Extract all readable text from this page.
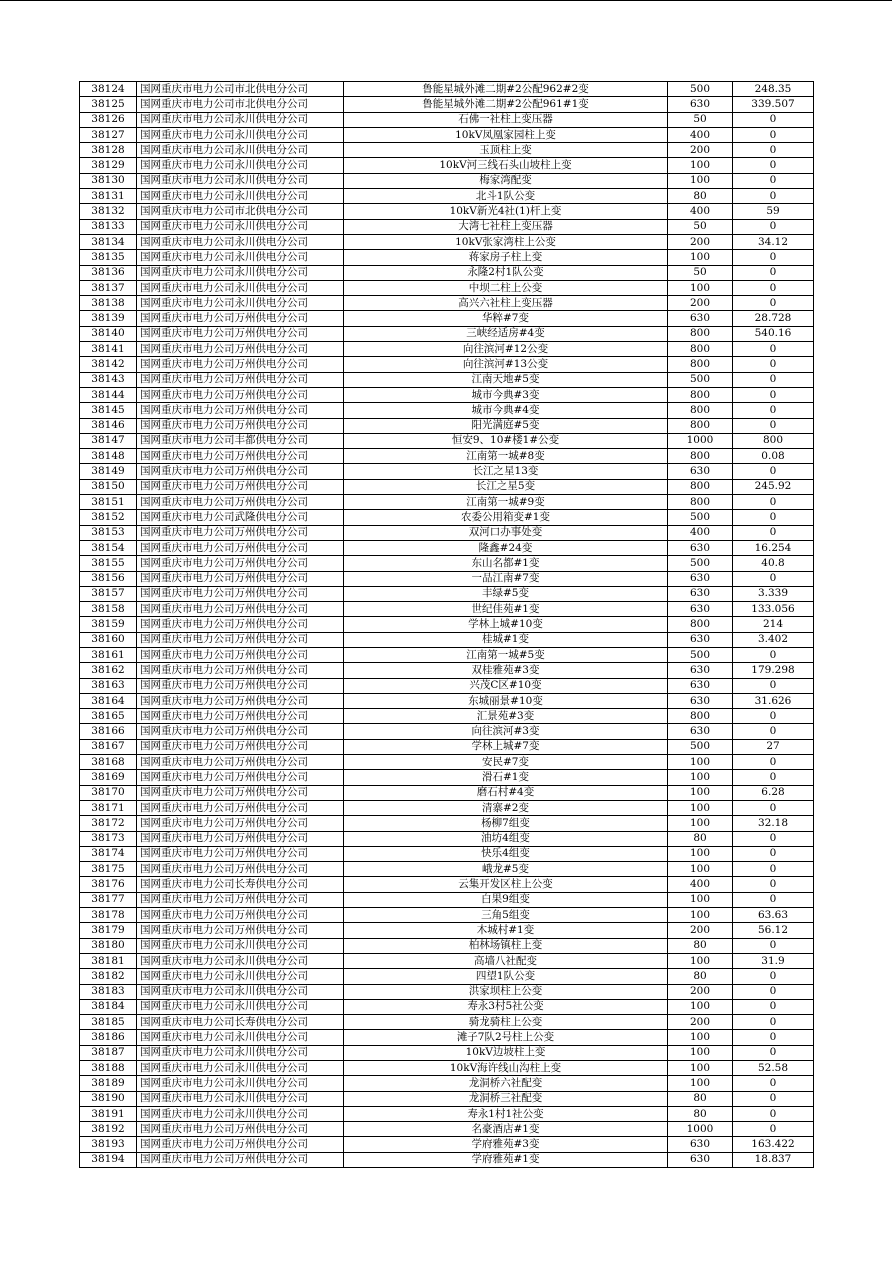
38124	国网重庆市电力公司市北供电分公司	鲁能星城外滩二期#2公配962#2变	500	248.35
38125	国网重庆市电力公司市北供电分公司	鲁能星城外滩二期#2公配961#1变	630	339.507
38126	国网重庆市电力公司永川供电分公司	石佛一社柱上变压器	50	0
38127	国网重庆市电力公司永川供电分公司	10kV凤凰家园柱上变	400	0
38128	国网重庆市电力公司永川供电分公司	玉顶柱上变	200	0
38129	国网重庆市电力公司永川供电分公司	10kV河三线石头山坡柱上变	100	0
38130	国网重庆市电力公司永川供电分公司	梅家湾配变	100	0
38131	国网重庆市电力公司永川供电分公司	北斗1队公变	80	0
38132	国网重庆市电力公司市北供电分公司	10kV新光4社(1)杆上变	400	59
38133	国网重庆市电力公司永川供电分公司	大湾七社柱上变压器	50	0
38134	国网重庆市电力公司永川供电分公司	10kV张家湾柱上公变	200	34.12
38135	国网重庆市电力公司永川供电分公司	蒋家房子柱上变	100	0
38136	国网重庆市电力公司永川供电分公司	永隆2村1队公变	50	0
38137	国网重庆市电力公司永川供电分公司	中坝二柱上公变	100	0
38138	国网重庆市电力公司永川供电分公司	高兴六社柱上变压器	200	0
38139	国网重庆市电力公司万州供电分公司	华粹#7变	630	28.728
38140	国网重庆市电力公司万州供电分公司	三峡经适房#4变	800	540.16
38141	国网重庆市电力公司万州供电分公司	向往滨河#12公变	800	0
38142	国网重庆市电力公司万州供电分公司	向往滨河#13公变	800	0
38143	国网重庆市电力公司万州供电分公司	江南天地#5变	500	0
38144	国网重庆市电力公司万州供电分公司	城市今典#3变	800	0
38145	国网重庆市电力公司万州供电分公司	城市今典#4变	800	0
38146	国网重庆市电力公司万州供电分公司	阳光满庭#5变	800	0
38147	国网重庆市电力公司丰都供电分公司	恒安9、10#楼1#公变	1000	800
38148	国网重庆市电力公司万州供电分公司	江南第一城#8变	800	0.08
38149	国网重庆市电力公司万州供电分公司	长江之星13变	630	0
38150	国网重庆市电力公司万州供电分公司	长江之星5变	800	245.92
38151	国网重庆市电力公司万州供电分公司	江南第一城#9变	800	0
38152	国网重庆市电力公司武隆供电分公司	农委公用箱变#1变	500	0
38153	国网重庆市电力公司万州供电分公司	双河口办事处变	400	0
38154	国网重庆市电力公司万州供电分公司	隆鑫#24变	630	16.254
38155	国网重庆市电力公司万州供电分公司	东山名都#1变	500	40.8
38156	国网重庆市电力公司万州供电分公司	一品江南#7变	630	0
38157	国网重庆市电力公司万州供电分公司	丰绿#5变	630	3.339
38158	国网重庆市电力公司万州供电分公司	世纪佳苑#1变	630	133.056
38159	国网重庆市电力公司万州供电分公司	学林上城#10变	800	214
38160	国网重庆市电力公司万州供电分公司	桂城#1变	630	3.402
38161	国网重庆市电力公司万州供电分公司	江南第一城#5变	500	0
38162	国网重庆市电力公司万州供电分公司	双桂雅苑#3变	630	179.298
38163	国网重庆市电力公司万州供电分公司	兴茂C区#10变	630	0
38164	国网重庆市电力公司万州供电分公司	东城丽景#10变	630	31.626
38165	国网重庆市电力公司万州供电分公司	汇景苑#3变	800	0
38166	国网重庆市电力公司万州供电分公司	向往滨河#3变	630	0
38167	国网重庆市电力公司万州供电分公司	学林上城#7变	500	27
38168	国网重庆市电力公司万州供电分公司	安民#7变	100	0
38169	国网重庆市电力公司万州供电分公司	滑石#1变	100	0
38170	国网重庆市电力公司万州供电分公司	磨石村#4变	100	6.28
38171	国网重庆市电力公司万州供电分公司	清寨#2变	100	0
38172	国网重庆市电力公司万州供电分公司	杨柳7组变	100	32.18
38173	国网重庆市电力公司万州供电分公司	油坊4组变	80	0
38174	国网重庆市电力公司万州供电分公司	快乐4组变	100	0
38175	国网重庆市电力公司万州供电分公司	峨龙#5变	100	0
38176	国网重庆市电力公司长寿供电分公司	云集开发区柱上公变	400	0
38177	国网重庆市电力公司万州供电分公司	白果9组变	100	0
38178	国网重庆市电力公司万州供电分公司	三角5组变	100	63.63
38179	国网重庆市电力公司万州供电分公司	木城村#1变	200	56.12
38180	国网重庆市电力公司永川供电分公司	柏林场镇柱上变	80	0
38181	国网重庆市电力公司永川供电分公司	高墙八社配变	100	31.9
38182	国网重庆市电力公司永川供电分公司	四望1队公变	80	0
38183	国网重庆市电力公司永川供电分公司	洪家坝柱上公变	200	0
38184	国网重庆市电力公司永川供电分公司	寿永3村5社公变	100	0
38185	国网重庆市电力公司长寿供电分公司	骑龙骑柱上公变	200	0
38186	国网重庆市电力公司永川供电分公司	滩子7队2号柱上公变	100	0
38187	国网重庆市电力公司永川供电分公司	10kV边坡柱上变	100	0
38188	国网重庆市电力公司永川供电分公司	10kV海许线山沟柱上变	100	52.58
38189	国网重庆市电力公司永川供电分公司	龙洞桥六社配变	100	0
38190	国网重庆市电力公司永川供电分公司	龙洞桥三社配变	80	0
38191	国网重庆市电力公司永川供电分公司	寿永1村1社公变	80	0
38192	国网重庆市电力公司万州供电分公司	名豪酒店#1变	1000	0
38193	国网重庆市电力公司万州供电分公司	学府雅苑#3变	630	163.422
38194	国网重庆市电力公司万州供电分公司	学府雅苑#1变	630	18.837
